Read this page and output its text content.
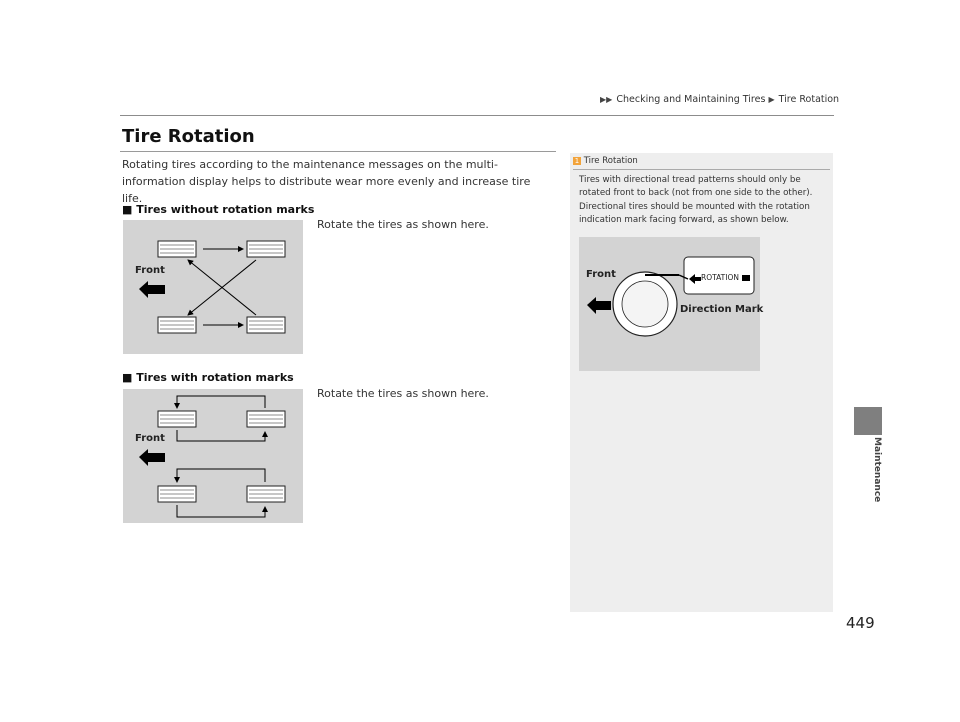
▶▶ Checking and Maintaining Tires ▶ Tire Rotation
Tire Rotation
Rotating tires according to the maintenance messages on the multi-information display helps to distribute wear more evenly and increase tire life.
■ Tires without rotation marks
Rotate the tires as shown here.
Front
■ Tires with rotation marks
Rotate the tires as shown here.
Front	Maintenance
1 Tire Rotation
Tires with directional tread patterns should only be rotated front to back (not from one side to the other). Directional tires should be mounted with the rotation indication mark facing forward, as shown below.
Front	ROTATION
Direction Mark
449
